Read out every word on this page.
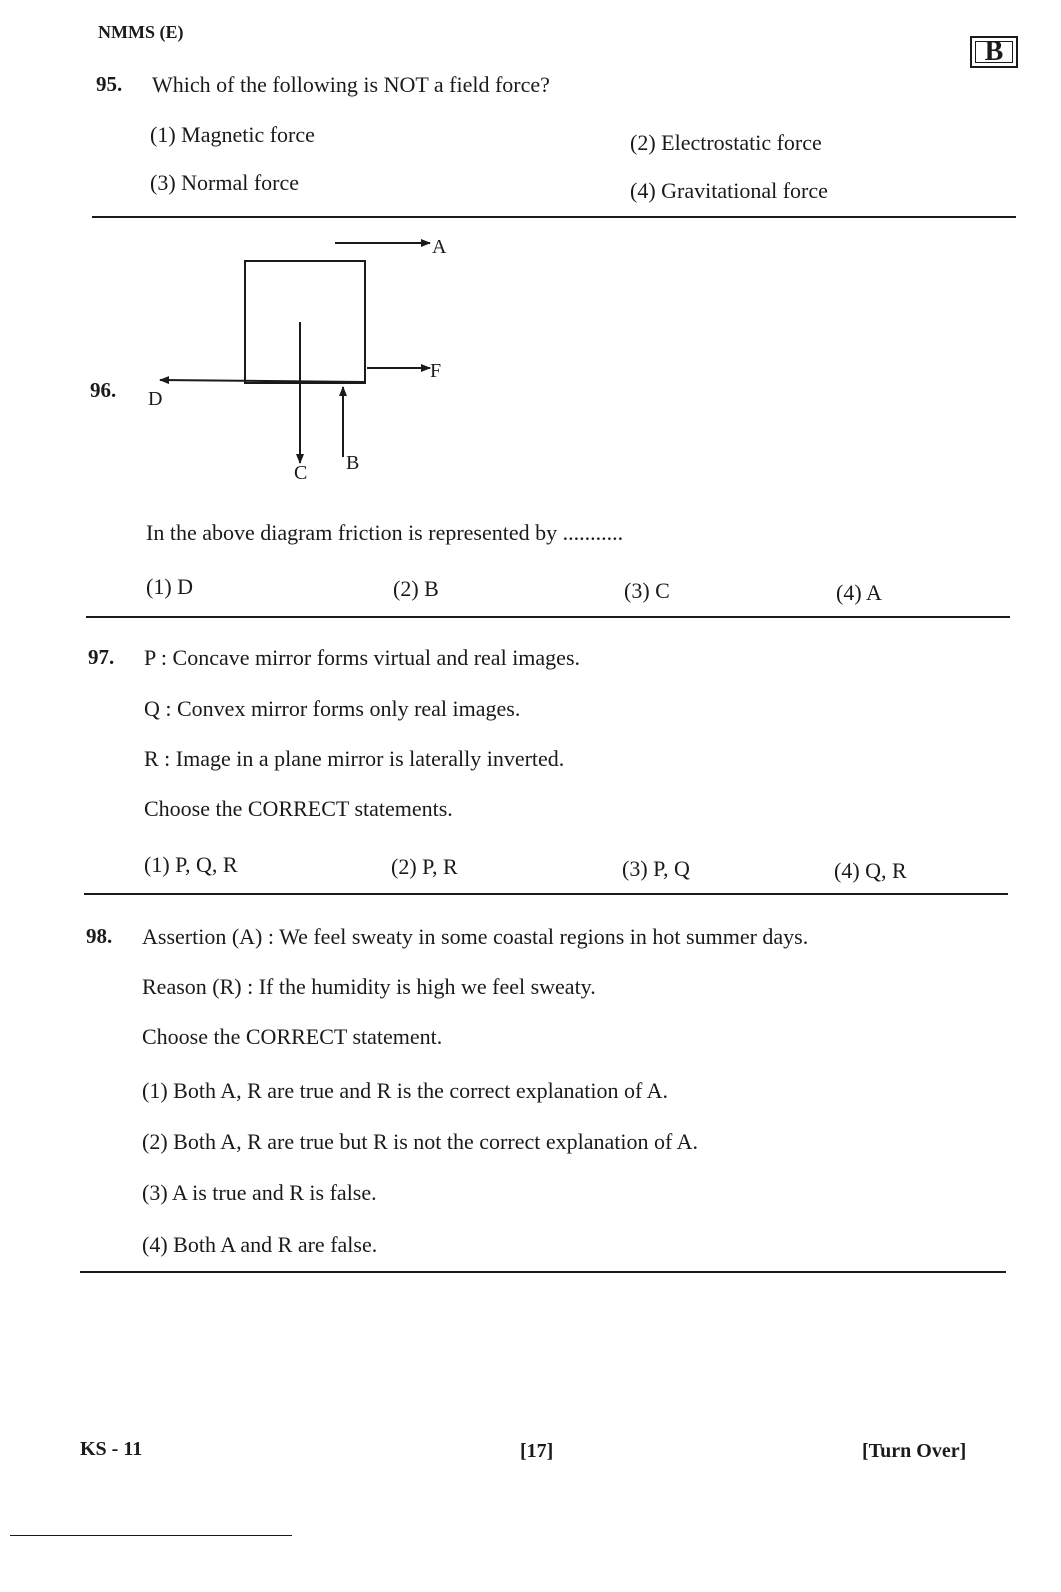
NMMS (E)
B
95. Which of the following is NOT a field force?
(1) Magnetic force	(2) Electrostatic force
(3) Normal force	(4) Gravitational force
96.
A
F
D
C B
In the above diagram friction is represented by ...........
(1) D	(2) B	(3) C	(4) A
97. P : Concave mirror forms virtual and real images.
Q : Convex mirror forms only real images.
R : Image in a plane mirror is laterally inverted.
Choose the CORRECT statements.
(1) P, Q, R	(2) P, R	(3) P, Q	(4) Q, R
98. Assertion (A) : We feel sweaty in some coastal regions in hot summer days.
Reason (R) : If the humidity is high we feel sweaty.
Choose the CORRECT statement.
(1) Both A, R are true and R is the correct explanation of A.
(2) Both A, R are true but R is not the correct explanation of A.
(3) A is true and R is false.
(4) Both A and R are false.
KS - 11	[17]	[Turn Over]
